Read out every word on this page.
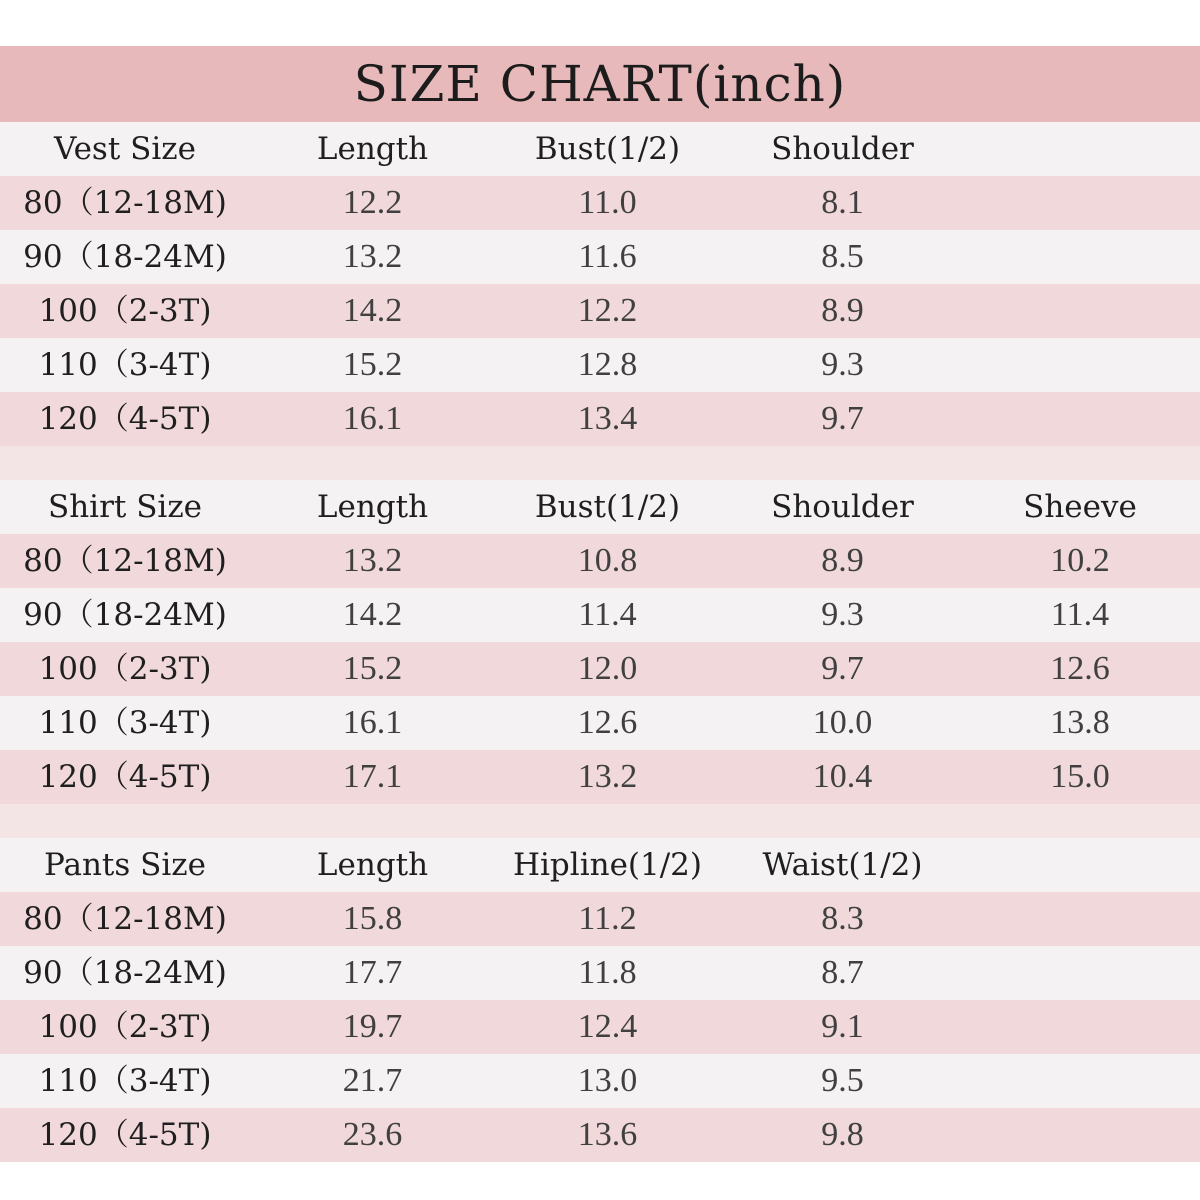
SIZE CHART(inch)
Vest Size	Length	Bust(1/2)	Shoulder
80（12-18M)	12.2	11.0	8.1
90（18-24M)	13.2	11.6	8.5
100（2-3T)	14.2	12.2	8.9
110（3-4T)	15.2	12.8	9.3
120（4-5T)	16.1	13.4	9.7
Shirt Size	Length	Bust(1/2)	Shoulder	Sheeve
80（12-18M)	13.2	10.8	8.9	10.2
90（18-24M)	14.2	11.4	9.3	11.4
100（2-3T)	15.2	12.0	9.7	12.6
110（3-4T)	16.1	12.6	10.0	13.8
120（4-5T)	17.1	13.2	10.4	15.0
Pants Size	Length	Hipline(1/2)	Waist(1/2)
80（12-18M)	15.8	11.2	8.3
90（18-24M)	17.7	11.8	8.7
100（2-3T)	19.7	12.4	9.1
110（3-4T)	21.7	13.0	9.5
120（4-5T)	23.6	13.6	9.8
